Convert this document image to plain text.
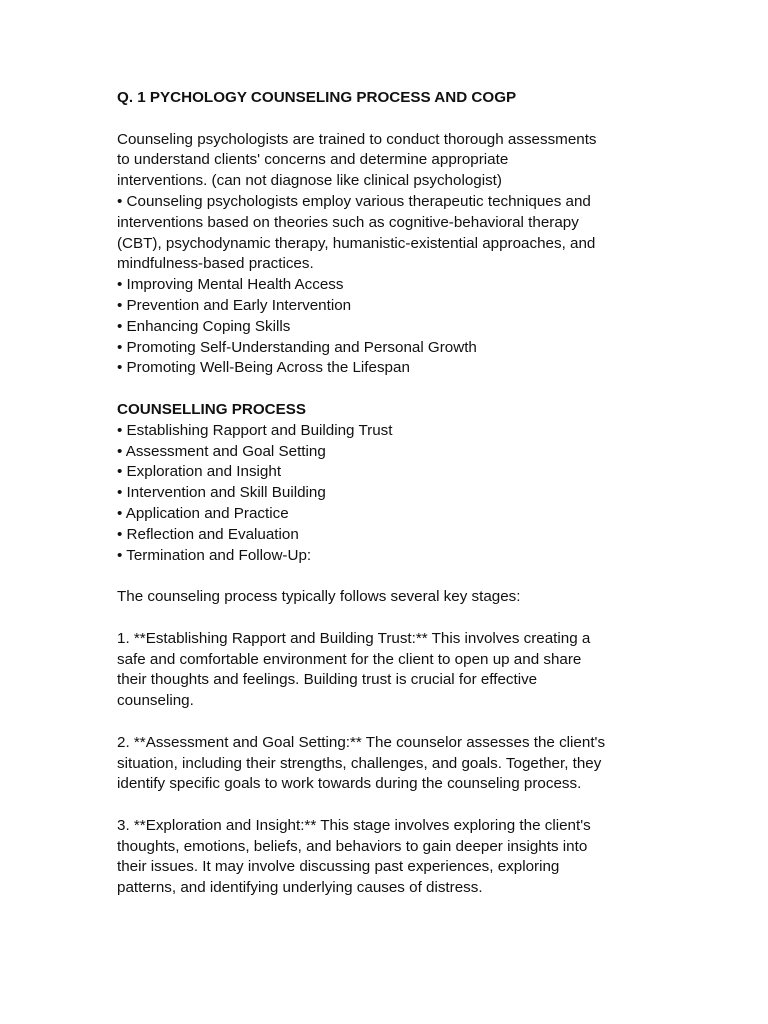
Q. 1 PYCHOLOGY COUNSELING PROCESS AND COGP
Counseling psychologists are trained to conduct thorough assessments
to understand clients' concerns and determine appropriate
interventions. (can not diagnose like clinical psychologist)
• Counseling psychologists employ various therapeutic techniques and
interventions based on theories such as cognitive-behavioral therapy
(CBT), psychodynamic therapy, humanistic-existential approaches, and
mindfulness-based practices.
• Improving Mental Health Access
• Prevention and Early Intervention
• Enhancing Coping Skills
• Promoting Self-Understanding and Personal Growth
• Promoting Well-Being Across the Lifespan
COUNSELLING PROCESS
• Establishing Rapport and Building Trust
• Assessment and Goal Setting
• Exploration and Insight
• Intervention and Skill Building
• Application and Practice
• Reflection and Evaluation
• Termination and Follow-Up:
The counseling process typically follows several key stages:
1. **Establishing Rapport and Building Trust:** This involves creating a
safe and comfortable environment for the client to open up and share
their thoughts and feelings. Building trust is crucial for effective
counseling.
2. **Assessment and Goal Setting:** The counselor assesses the client's
situation, including their strengths, challenges, and goals. Together, they
identify specific goals to work towards during the counseling process.
3. **Exploration and Insight:** This stage involves exploring the client's
thoughts, emotions, beliefs, and behaviors to gain deeper insights into
their issues. It may involve discussing past experiences, exploring
patterns, and identifying underlying causes of distress.
